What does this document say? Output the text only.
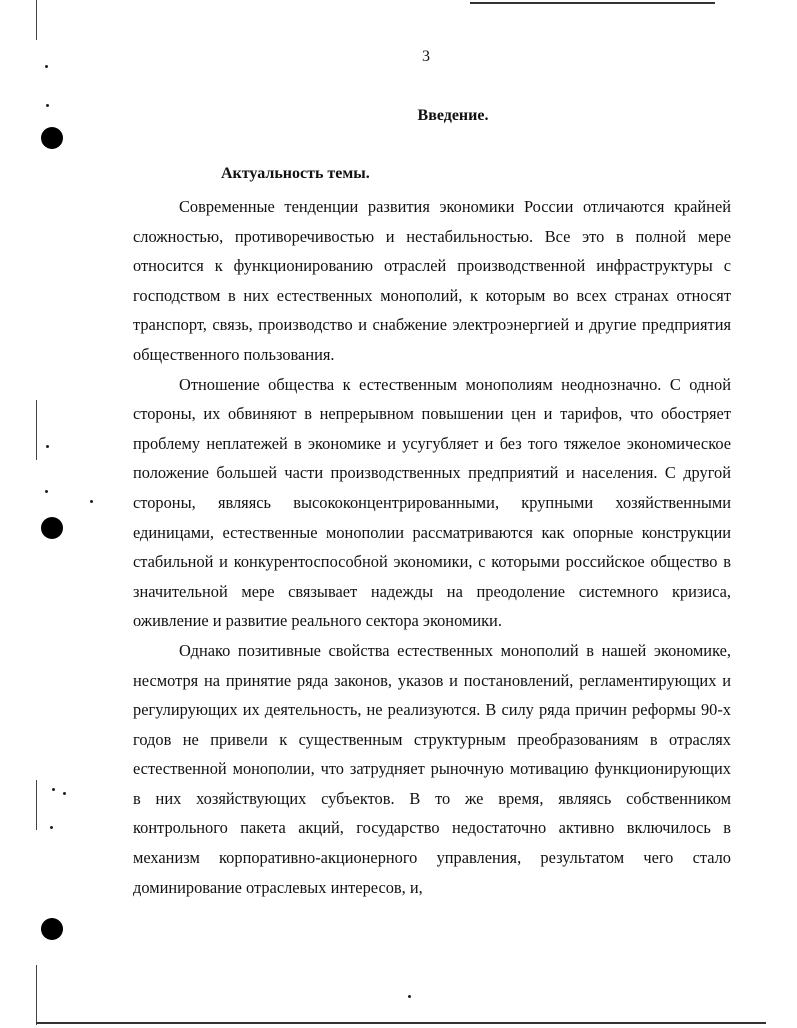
3
Введение.
Актуальность темы.

Современные тенденции развития экономики России отличаются крайней сложностью, противоречивостью и нестабильностью. Все это в полной мере относится к функционированию отраслей производственной инфраструктуры с господством в них естественных монополий, к которым во всех странах относят транспорт, связь, производство и снабжение электроэнергией и другие предприятия общественного пользования.

Отношение общества к естественным монополиям неоднозначно. С одной стороны, их обвиняют в непрерывном повышении цен и тарифов, что обостряет проблему неплатежей в экономике и усугубляет и без того тяжелое экономическое положение большей части производственных предприятий и населения. С другой стороны, являясь высококонцентрированными, крупными хозяйственными единицами, естественные монополии рассматриваются как опорные конструкции стабильной и конкурентоспособной экономики, с которыми российское общество в значительной мере связывает надежды на преодоление системного кризиса, оживление и развитие реального сектора экономики.

Однако позитивные свойства естественных монополий в нашей экономике, несмотря на принятие ряда законов, указов и постановлений, регламентирующих и регулирующих их деятельность, не реализуются. В силу ряда причин реформы 90-х годов не привели к существенным структурным преобразованиям в отраслях естественной монополии, что затрудняет рыночную мотивацию функционирующих в них хозяйствующих субъектов. В то же время, являясь собственником контрольного пакета акций, государство недостаточно активно включилось в механизм корпоративно-акционерного управления, результатом чего стало доминирование отраслевых интересов, и,
